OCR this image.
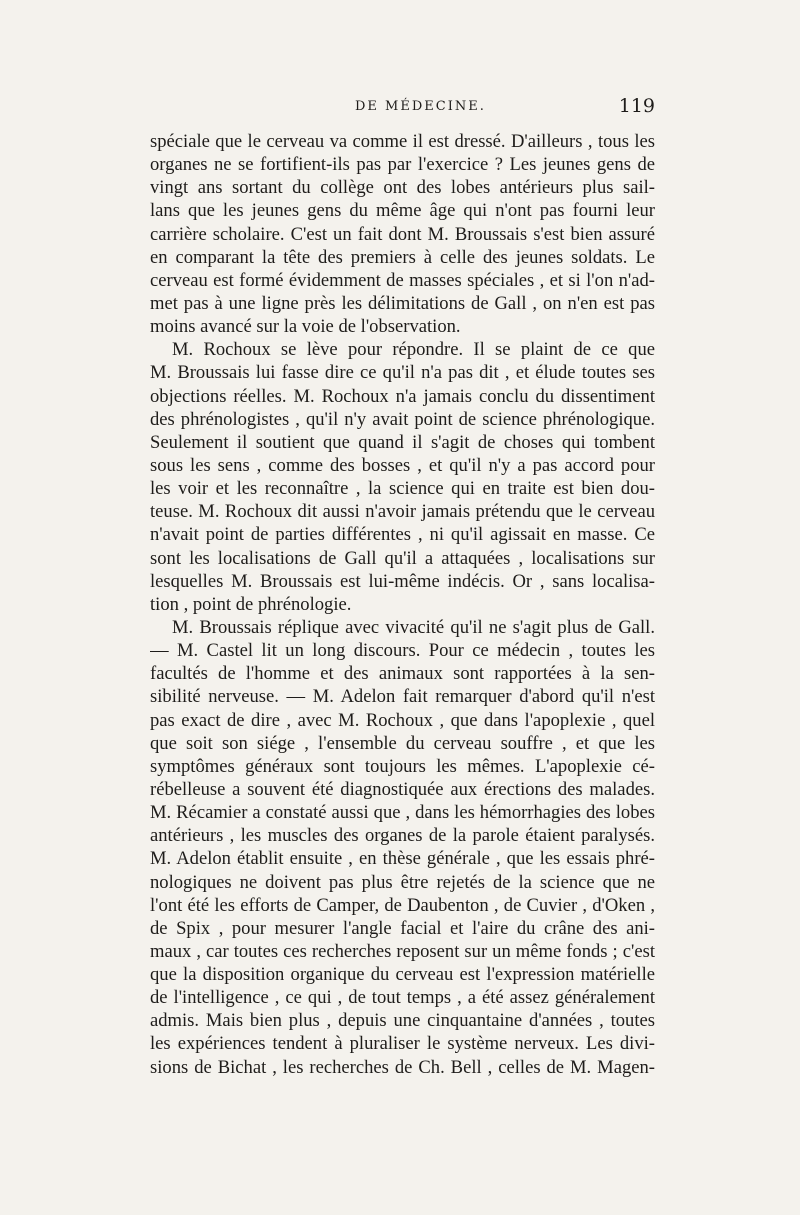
DE MÉDECINE.	119
spéciale que le cerveau va comme il est dressé. D'ailleurs , tous les
organes ne se fortifient-ils pas par l'exercice ? Les jeunes gens de
vingt ans sortant du collège ont des lobes antérieurs plus sail-
lans que les jeunes gens du même âge qui n'ont pas fourni leur
carrière scholaire. C'est un fait dont M. Broussais s'est bien assuré
en comparant la tête des premiers à celle des jeunes soldats. Le
cerveau est formé évidemment de masses spéciales , et si l'on n'ad-
met pas à une ligne près les délimitations de Gall , on n'en est pas
moins avancé sur la voie de l'observation.
M. Rochoux se lève pour répondre. Il se plaint de ce que
M. Broussais lui fasse dire ce qu'il n'a pas dit , et élude toutes ses
objections réelles. M. Rochoux n'a jamais conclu du dissentiment
des phrénologistes , qu'il n'y avait point de science phrénologique.
Seulement il soutient que quand il s'agit de choses qui tombent
sous les sens , comme des bosses , et qu'il n'y a pas accord pour
les voir et les reconnaître , la science qui en traite est bien dou-
teuse. M. Rochoux dit aussi n'avoir jamais prétendu que le cerveau
n'avait point de parties différentes , ni qu'il agissait en masse. Ce
sont les localisations de Gall qu'il a attaquées , localisations sur
lesquelles M. Broussais est lui-même indécis. Or , sans localisa-
tion , point de phrénologie.
M. Broussais réplique avec vivacité qu'il ne s'agit plus de Gall.
— M. Castel lit un long discours. Pour ce médecin , toutes les
facultés de l'homme et des animaux sont rapportées à la sen-
sibilité nerveuse. — M. Adelon fait remarquer d'abord qu'il n'est
pas exact de dire , avec M. Rochoux , que dans l'apoplexie , quel
que soit son siége , l'ensemble du cerveau souffre , et que les
symptômes généraux sont toujours les mêmes. L'apoplexie cé-
rébelleuse a souvent été diagnostiquée aux érections des malades.
M. Récamier a constaté aussi que , dans les hémorrhagies des lobes
antérieurs , les muscles des organes de la parole étaient paralysés.
M. Adelon établit ensuite , en thèse générale , que les essais phré-
nologiques ne doivent pas plus être rejetés de la science que ne
l'ont été les efforts de Camper, de Daubenton , de Cuvier , d'Oken ,
de Spix , pour mesurer l'angle facial et l'aire du crâne des ani-
maux , car toutes ces recherches reposent sur un même fonds ; c'est
que la disposition organique du cerveau est l'expression matérielle
de l'intelligence , ce qui , de tout temps , a été assez généralement
admis. Mais bien plus , depuis une cinquantaine d'années , toutes
les expériences tendent à pluraliser le système nerveux. Les divi-
sions de Bichat , les recherches de Ch. Bell , celles de M. Magen-
